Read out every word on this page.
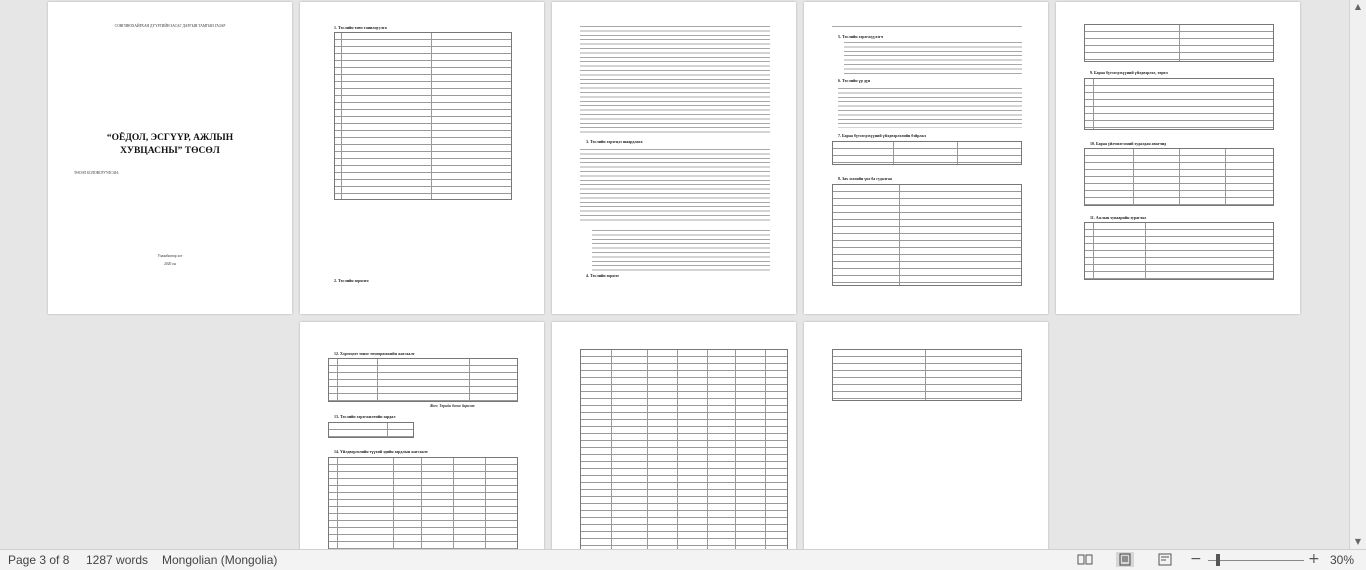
СОНГИНОХАЙРХАН ДҮҮРГИЙН ЗАСАГ ДАРГЫН ТАМГЫН ГАЗАР
“ОЁДОЛ, ЭСГҮҮР, АЖЛЫН
ХУВЦАСНЫ” ТӨСӨЛ
ТӨСӨЛ БОЛОВСРУУЛСАН:
Улаанбаатар хот
2020 он
1. Төслийн товч танилцуулга
2. Төслийн зорилго
3. Төслийн хэрэгцээ шаардлага
4. Төслийн зорилт
5. Төслийн хэрэгжүүлэгч
6. Төслийн үр дүн
7. Бараа бүтээгдэхүүний үйлдвэрлэлийн бэйрлал
8. Зах зээлийн үнэ ба судалгаа
9. Бараа бүтээгдэхүүний үйлдвэрлэл, төрөл
10. Бараа үйлчилгээний худалдан авагчид
11. Ажлын хуваарийн зураглал
12. Хэрэгцээт тоног төхөөрөмжийн жагсаалт
Жич: Төрийн бичиг баримт
13. Төслийн хэрэгжилтийн зардал
14. Үйлдвэрлэлийн түүхий эдийн зардлын жагсаалт
▲
▼
Page 3 of 8 1287 words Mongolian (Mongolia)	−	+ 30%
